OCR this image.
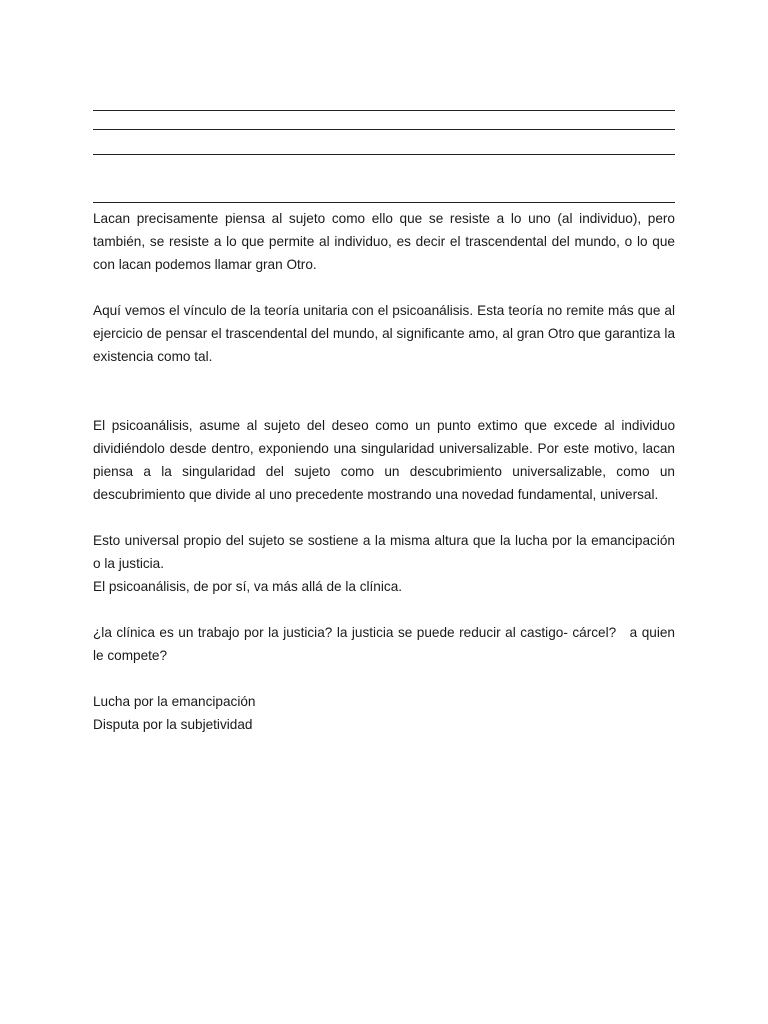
Lacan precisamente piensa al sujeto como ello que se resiste a lo uno (al individuo), pero también, se resiste a lo que permite al individuo, es decir el trascendental del mundo, o lo que con lacan podemos llamar gran Otro.

Aquí vemos el vínculo de la teoría unitaria con el psicoanálisis. Esta teoría no remite más que al ejercicio de pensar el trascendental del mundo, al significante amo, al gran Otro que garantiza la existencia como tal.

El psicoanálisis, asume al sujeto del deseo como un punto extimo que excede al individuo dividiéndolo desde dentro, exponiendo una singularidad universalizable. Por este motivo, lacan piensa a la singularidad del sujeto como un descubrimiento universalizable, como un descubrimiento que divide al uno precedente mostrando una novedad fundamental, universal.

Esto universal propio del sujeto se sostiene a la misma altura que la lucha por la emancipación o la justicia.

El psicoanálisis, de por sí, va más allá de la clínica.

¿la clínica es un trabajo por la justicia? la justicia se puede reducir al castigo- cárcel?   a quien le compete?

Lucha por la emancipación

Disputa por la subjetividad
